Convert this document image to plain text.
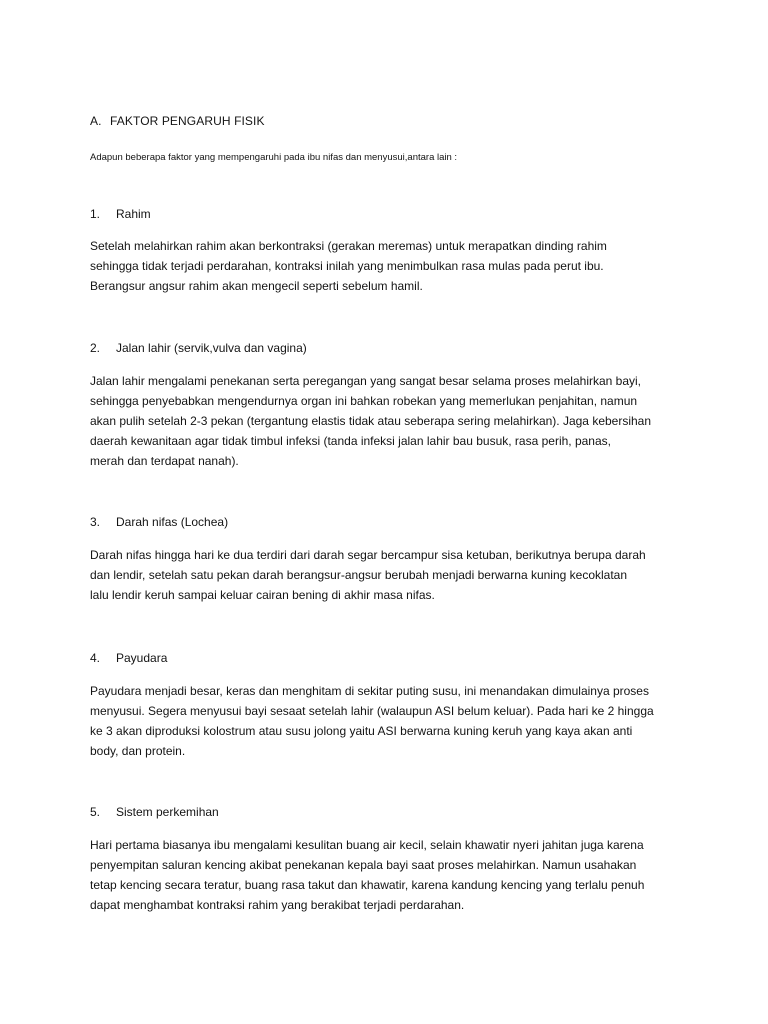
A. FAKTOR PENGARUH FISIK
Adapun beberapa faktor yang mempengaruhi pada ibu nifas dan menyusui,antara lain :
1. Rahim
Setelah melahirkan rahim akan berkontraksi (gerakan meremas) untuk merapatkan dinding rahim
sehingga tidak terjadi perdarahan, kontraksi inilah yang menimbulkan rasa mulas pada perut ibu.
Berangsur angsur rahim akan mengecil seperti sebelum hamil.
2. Jalan lahir (servik,vulva dan vagina)
Jalan lahir mengalami penekanan serta peregangan yang sangat besar selama proses melahirkan bayi,
sehingga penyebabkan mengendurnya organ ini bahkan robekan yang memerlukan penjahitan, namun
akan pulih setelah 2-3 pekan (tergantung elastis tidak atau seberapa sering melahirkan). Jaga kebersihan
daerah kewanitaan agar tidak timbul infeksi (tanda infeksi jalan lahir bau busuk, rasa perih, panas,
merah dan terdapat nanah).
3. Darah nifas (Lochea)
Darah nifas hingga hari ke dua terdiri dari darah segar bercampur sisa ketuban, berikutnya berupa darah
dan lendir, setelah satu pekan darah berangsur-angsur berubah menjadi berwarna kuning kecoklatan
lalu lendir keruh sampai keluar cairan bening di akhir masa nifas.
4. Payudara
Payudara menjadi besar, keras dan menghitam di sekitar puting susu, ini menandakan dimulainya proses
menyusui. Segera menyusui bayi sesaat setelah lahir (walaupun ASI belum keluar). Pada hari ke 2 hingga
ke 3 akan diproduksi kolostrum atau susu jolong yaitu ASI berwarna kuning keruh yang kaya akan anti
body, dan protein.
5. Sistem perkemihan
Hari pertama biasanya ibu mengalami kesulitan buang air kecil, selain khawatir nyeri jahitan juga karena
penyempitan saluran kencing akibat penekanan kepala bayi saat proses melahirkan. Namun usahakan
tetap kencing secara teratur, buang rasa takut dan khawatir, karena kandung kencing yang terlalu penuh
dapat menghambat kontraksi rahim yang berakibat terjadi perdarahan.
